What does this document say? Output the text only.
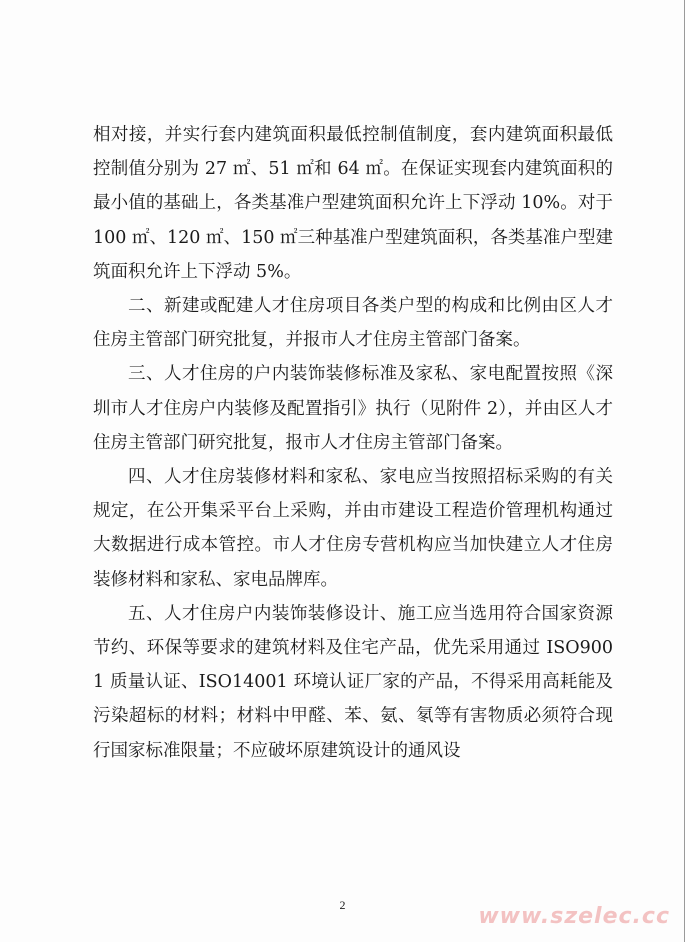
相对接，并实行套内建筑面积最低控制值制度，套内建筑面积最低控制值分别为 27 ㎡、51 ㎡和 64 ㎡。在保证实现套内建筑面积的最小值的基础上，各类基准户型建筑面积允许上下浮动 10%。对于 100 ㎡、120 ㎡、150 ㎡三种基准户型建筑面积，各类基准户型建筑面积允许上下浮动 5%。

二、新建或配建人才住房项目各类户型的构成和比例由区人才住房主管部门研究批复，并报市人才住房主管部门备案。

三、人才住房的户内装饰装修标准及家私、家电配置按照《深圳市人才住房户内装修及配置指引》执行（见附件 2），并由区人才住房主管部门研究批复，报市人才住房主管部门备案。

四、人才住房装修材料和家私、家电应当按照招标采购的有关规定，在公开集采平台上采购，并由市建设工程造价管理机构通过大数据进行成本管控。市人才住房专营机构应当加快建立人才住房装修材料和家私、家电品牌库。

五、人才住房户内装饰装修设计、施工应当选用符合国家资源节约、环保等要求的建筑材料及住宅产品，优先采用通过 ISO9001 质量认证、ISO14001 环境认证厂家的产品，不得采用高耗能及污染超标的材料；材料中甲醛、苯、氨、氡等有害物质必须符合现行国家标准限量；不应破坏原建筑设计的通风设

2	www.szelec.cc
